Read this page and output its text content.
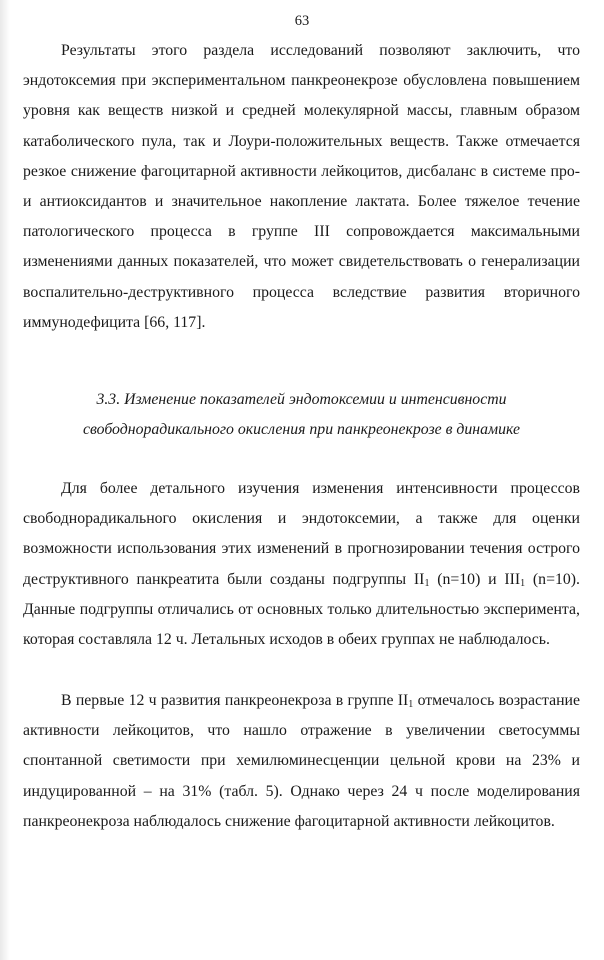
63

Результаты этого раздела исследований позволяют заключить, что эндотоксемия при экспериментальном панкреонекрозе обусловлена повышением уровня как веществ низкой и средней молекулярной массы, главным образом катаболического пула, так и Лоури-положительных веществ. Также отмечается резкое снижение фагоцитарной активности лейкоцитов, дисбаланс в системе про- и антиоксидантов и значительное накопление лактата. Более тяжелое течение патологического процесса в группе III сопровождается максимальными изменениями данных показателей, что может свидетельствовать о генерализации воспалительно-деструктивного процесса вследствие развития вторичного иммунодефицита [66, 117].

3.3. Изменение показателей эндотоксемии и интенсивности
свободнорадикального окисления при панкреонекрозе в динамике

Для более детального изучения изменения интенсивности процессов свободнорадикального окисления и эндотоксемии, а также для оценки возможности использования этих изменений в прогнозировании течения острого деструктивного панкреатита были созданы подгруппы $II_1$ (n=10) и $III_1$ (n=10). Данные подгруппы отличались от основных только длительностью эксперимента, которая составляла 12 ч. Летальных исходов в обеих группах не наблюдалось.

В первые 12 ч развития панкреонекроза в группе $II_1$ отмечалось возрастание активности лейкоцитов, что нашло отражение в увеличении светосуммы спонтанной светимости при хемилюминесценции цельной крови на 23% и индуцированной – на 31% (табл. 5). Однако через 24 ч после моделирования панкреонекроза наблюдалось снижение фагоцитарной активности лейкоцитов.
